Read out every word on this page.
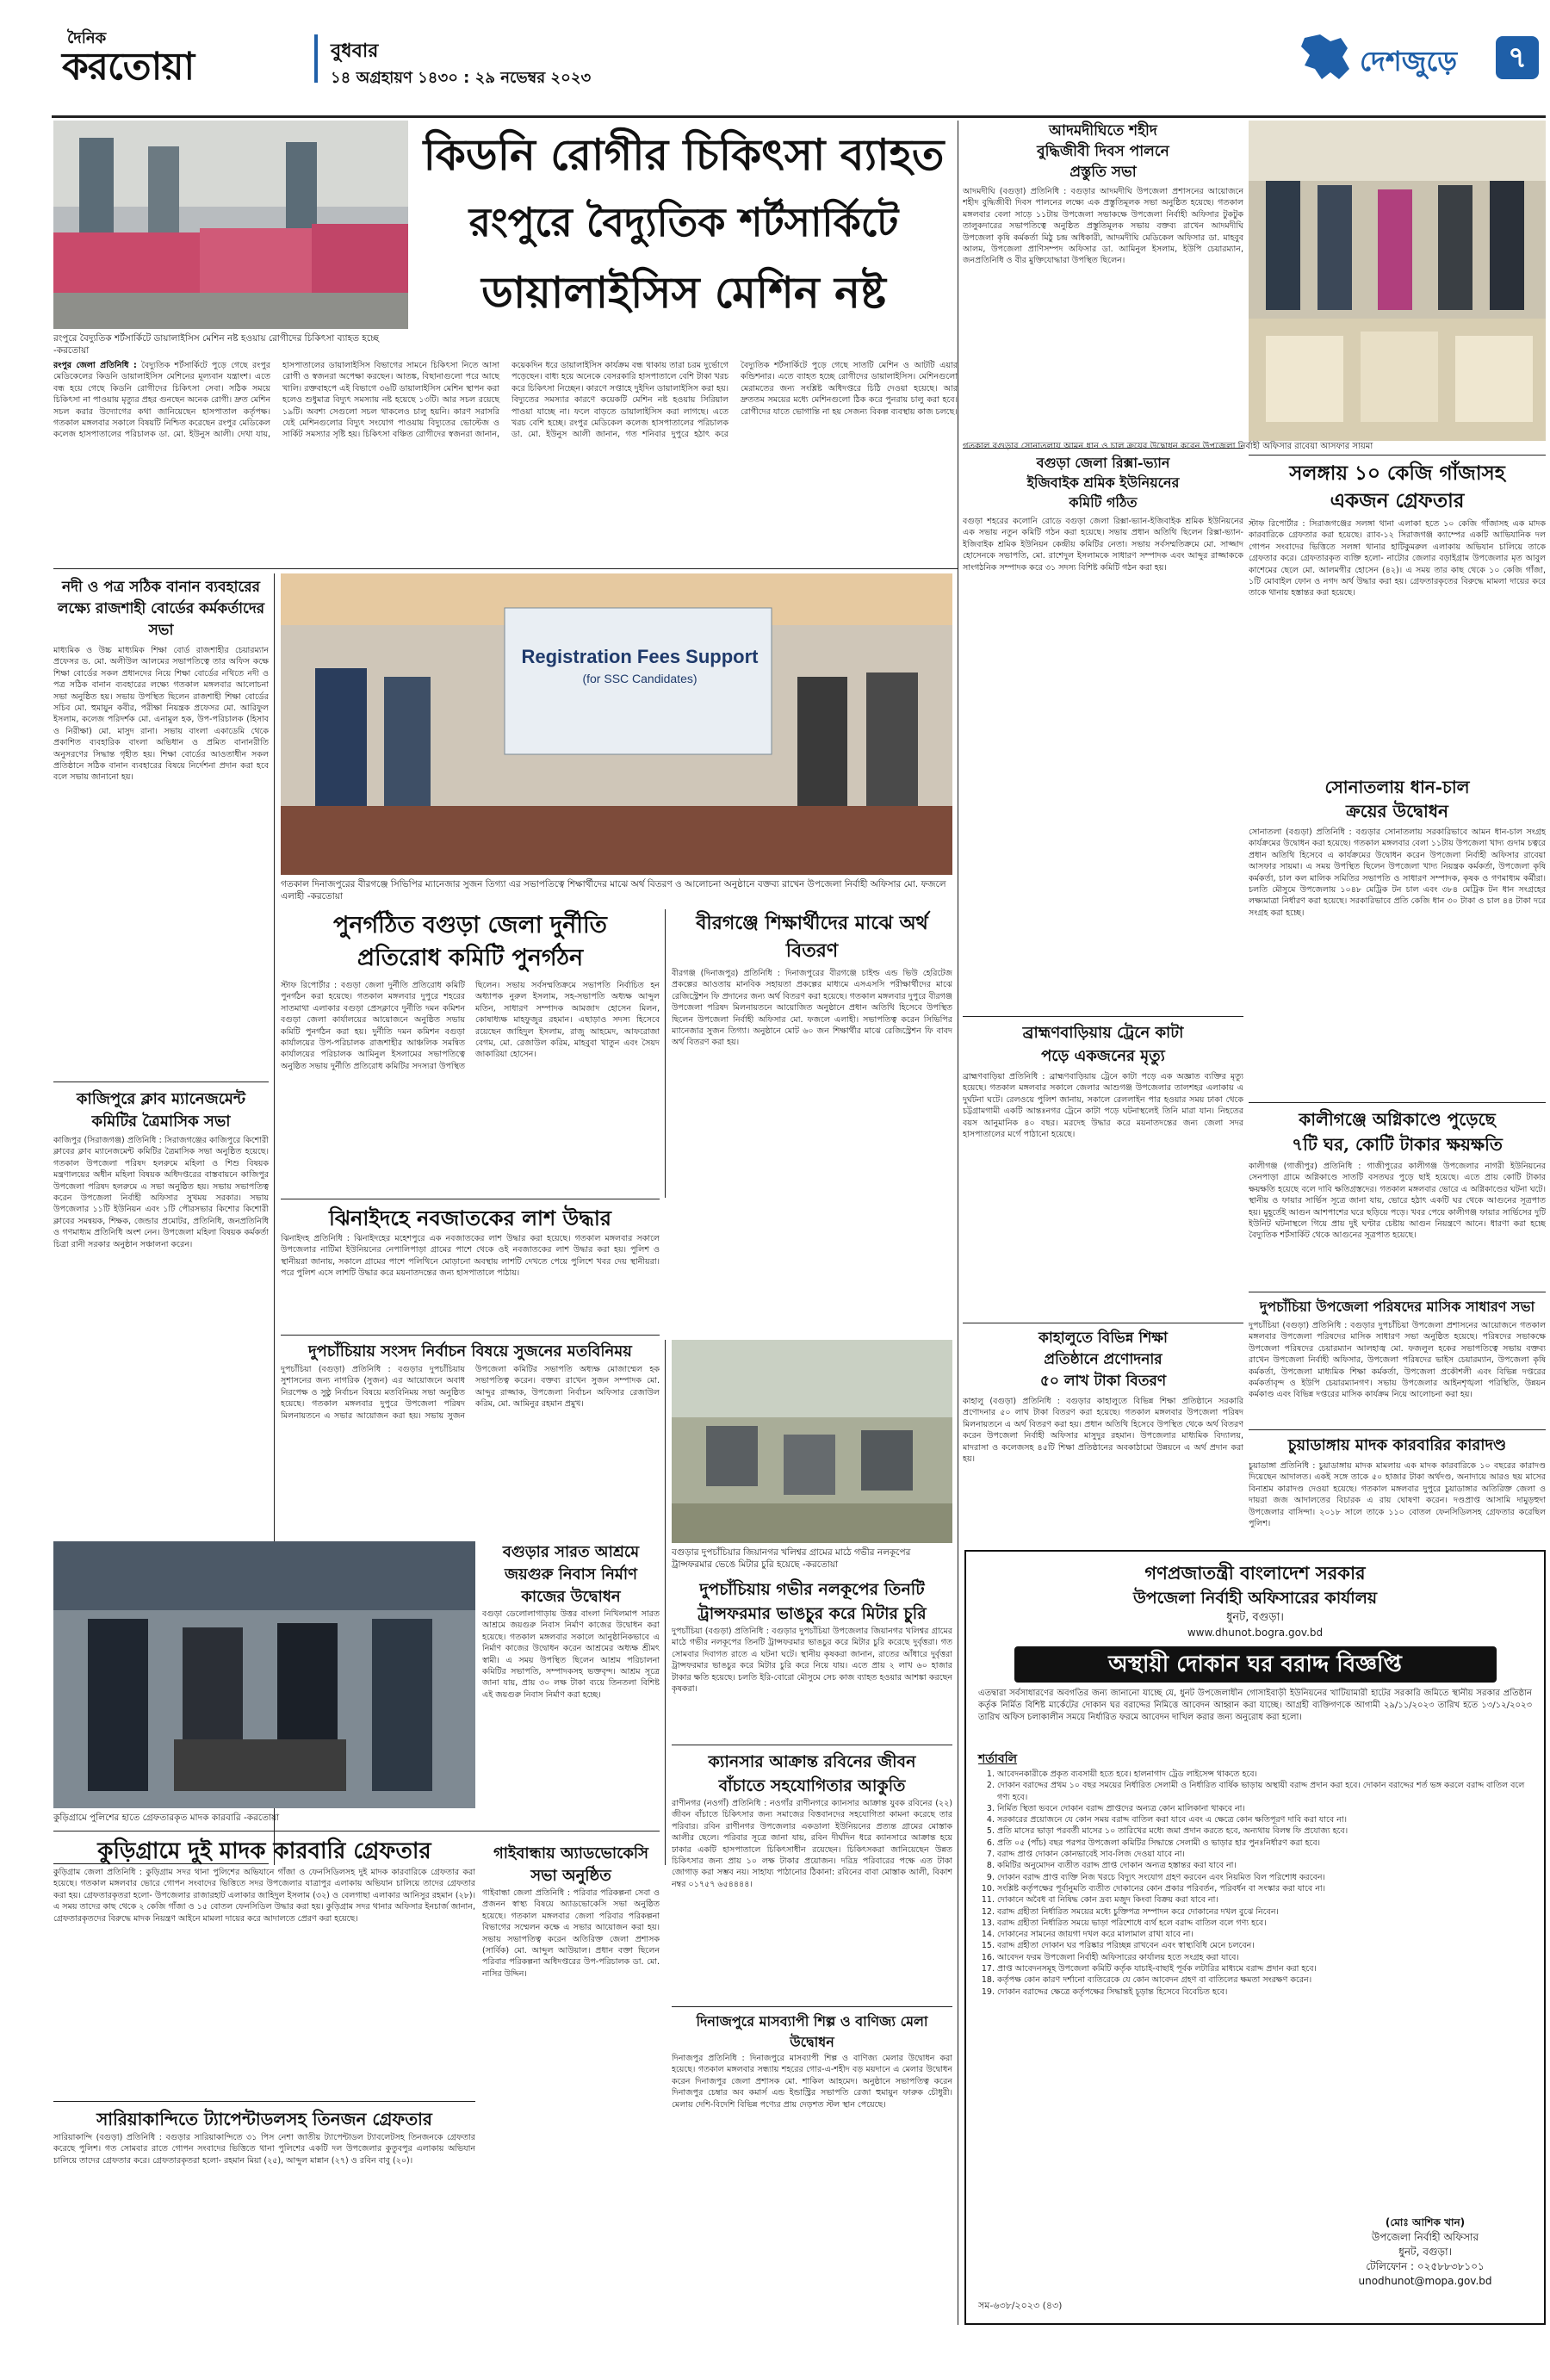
দৈনিক
করতোয়া	বুধবার
১৪ অগ্রহায়ণ ১৪৩০ : ২৯ নভেম্বর ২০২৩
দেশজুড়ে	৭
রংপুরে বৈদ্যুতিক শর্টসার্কিটে ডায়ালাইসিস মেশিন নষ্ট হওয়ায় রোগীদের চিকিৎসা ব্যাহত হচ্ছে -করতোয়া
কিডনি রোগীর চিকিৎসা ব্যাহত
রংপুরে বৈদ্যুতিক শর্টসার্কিটে
ডায়ালাইসিস মেশিন নষ্ট
রংপুর জেলা প্রতিনিধি : বৈদ্যুতিক শর্টসার্কিটে পুড়ে গেছে রংপুর মেডিকেলের কিডনি ডায়ালাইসিস মেশিনের মূল্যবান যন্ত্রাংশ। এতে বন্ধ হয়ে গেছে কিডনি রোগীদের চিকিৎসা সেবা। সঠিক সময়ে চিকিৎসা না পাওয়ায় মৃত্যুর প্রহর গুনছেন অনেক রোগী। দ্রুত মেশিন সচল করার উদ্যোগের কথা জানিয়েছেন হাসপাতাল কর্তৃপক্ষ। গতকাল মঙ্গলবার সকালে বিষয়টি নিশ্চিত করেছেন রংপুর মেডিকেল কলেজ হাসপাতালের পরিচালক ডা. মো. ইউনুস আলী। দেখা যায়, হাসপাতালের ডায়ালাইসিস বিভাগের সামনে চিকিৎসা নিতে আসা রোগী ও স্বজনরা অপেক্ষা করছেন। আতঙ্ক, বিছানাগুলো পরে আছে খালি। রক্তবাহপে এই বিভাগে ৩৬টি ডায়ালাইসিস মেশিন স্থাপন করা হলেও শুধুমাত্র বিদ্যুৎ সমস্যায় নষ্ট হয়েছে ১৩টি। আর সচল রয়েছে ১৯টি। অবশ্য সেগুলো সচল থাকলেও চালু হয়নি। কারণ সরাসরি যেই মেশিনগুলোর বিদ্যুৎ সংযোগ পাওয়ায় বিদ্যুতের ভোল্টেজ ও সার্কিট সমস্যার সৃষ্টি হয়। চিকিৎসা বঞ্চিত রোগীদের স্বজনরা জানান, কয়েকদিন ধরে ডায়ালাইসিস কার্যক্রম বন্ধ থাকায় তারা চরম দুর্ভোগে পড়েছেন। বাধ্য হয়ে অনেকে বেসরকারি হাসপাতালে বেশি টাকা খরচ করে চিকিৎসা নিচ্ছেন। কারণে সপ্তাহে দুইদিন ডায়ালাইসিস করা হয়। বিদ্যুতের সমস্যার কারণে কয়েকটি মেশিন নষ্ট হওয়ায় সিরিয়াল পাওয়া যাচ্ছে না। ফলে বাড়তে ডায়ালাইসিস করা লাগছে। এতে খরচ বেশি হচ্ছে। রংপুর মেডিকেল কলেজ হাসপাতালের পরিচালক ডা. মো. ইউনুস আলী জানান, গত শনিবার দুপুরে হঠাৎ করে বৈদ্যুতিক শর্টসার্কিটে পুড়ে গেছে সাতটি মেশিন ও আটটি এয়ার কন্ডিশনার। এতে ব্যাহত হচ্ছে রোগীদের ডায়ালাইসিস। মেশিনগুলো মেরামতের জন্য সংশ্লিষ্ট অধিদপ্তরে চিঠি দেওয়া হয়েছে। আর দ্রুততম সময়ের মধ্যে মেশিনগুলো ঠিক করে পুনরায় চালু করা হবে। রোগীদের যাতে ভোগান্তি না হয় সেজন্য বিকল্প ব্যবস্থায় কাজ চলছে।
নদী ও পত্র সঠিক বানান ব্যবহারের লক্ষ্যে রাজশাহী বোর্ডের কর্মকর্তাদের সভা
মাধ্যমিক ও উচ্চ মাধ্যমিক শিক্ষা বোর্ড রাজশাহীর চেয়ারম্যান প্রফেসর ড. মো. অলীউল আলমের সভাপতিত্বে তার অফিস কক্ষে শিক্ষা বোর্ডের সকল প্রধানদের নিয়ে শিক্ষা বোর্ডের নথিতে নদী ও পত্র সঠিক বানান ব্যবহারের লক্ষ্যে গতকাল মঙ্গলবার আলোচনা সভা অনুষ্ঠিত হয়। সভায় উপস্থিত ছিলেন রাজশাহী শিক্ষা বোর্ডের সচিব মো. হুমায়ুন কবীর, পরীক্ষা নিয়ন্ত্রক প্রফেসর মো. আরিফুল ইসলাম, কলেজ পরিদর্শক মো. এনামুল হক, উপ-পরিচালক (হিসাব ও নিরীক্ষা) মো. মাসুদ রানা। সভায় বাংলা একাডেমি থেকে প্রকাশিত ব্যবহারিক বাংলা অভিধান ও প্রমিত বানানরীতি অনুসরণের সিদ্ধান্ত গৃহীত হয়। শিক্ষা বোর্ডের আওতাধীন সকল প্রতিষ্ঠানে সঠিক বানান ব্যবহারের বিষয়ে নির্দেশনা প্রদান করা হবে বলে সভায় জানানো হয়।
কাজিপুরে ক্লাব ম্যানেজমেন্ট কমিটির ত্রৈমাসিক সভা
কাজিপুর (সিরাজগঞ্জ) প্রতিনিধি : সিরাজগঞ্জের কাজিপুরে কিশোরী ক্লাবের ক্লাব ম্যানেজমেন্ট কমিটির ত্রৈমাসিক সভা অনুষ্ঠিত হয়েছে। গতকাল উপজেলা পরিষদ হলরুমে মহিলা ও শিশু বিষয়ক মন্ত্রণালয়ের অধীন মহিলা বিষয়ক অধিদপ্তরের বাস্তবায়নে কাজিপুর উপজেলা পরিষদ হলরুমে এ সভা অনুষ্ঠিত হয়। সভায় সভাপতিত্ব করেন উপজেলা নির্বাহী অফিসার সুখময় সরকার। সভায় উপজেলার ১১টি ইউনিয়ন এবং ১টি পৌরসভার কিশোর কিশোরী ক্লাবের সমন্বয়ক, শিক্ষক, জেন্ডার প্রমোটর, প্রতিনিধি, জনপ্রতিনিধি ও গণমাধ্যম প্রতিনিধি অংশ নেন। উপজেলা মহিলা বিষয়ক কর্মকর্তা চিত্রা রানী সরকার অনুষ্ঠান সঞ্চালনা করেন।
Registration Fees Support
(for SSC Candidates)
গতকাল দিনাজপুরের বীরগঞ্জে সিভিপির ম্যানেজার সুজন তিগ্যা এর সভাপতিত্বে শিক্ষার্থীদের মাঝে অর্থ বিতরণ ও আলোচনা অনুষ্ঠানে বক্তব্য রাখেন উপজেলা নির্বাহী অফিসার মো. ফজলে এলাহী -করতোয়া
পুনর্গঠিত বগুড়া জেলা দুর্নীতি
প্রতিরোধ কমিটি পুনর্গঠন
স্টাফ রিপোর্টার : বগুড়া জেলা দুর্নীতি প্রতিরোধ কমিটি পুনর্গঠন করা হয়েছে। গতকাল মঙ্গলবার দুপুরে শহরের সাতমাথা এলাকার বগুড়া প্রেসক্লাবে দুর্নীতি দমন কমিশন বগুড়া জেলা কার্যালয়ের আয়োজনে অনুষ্ঠিত সভায় কমিটি পুনর্গঠন করা হয়। দুর্নীতি দমন কমিশন বগুড়া কার্যালয়ের উপ-পরিচালক রাজশাহীর আঞ্চলিক সমন্বিত কার্যালয়ের পরিচালক আমিনুল ইসলামের সভাপতিত্বে অনুষ্ঠিত সভায় দুর্নীতি প্রতিরোধ কমিটির সদস্যরা উপস্থিত ছিলেন। সভায় সর্বসম্মতিক্রমে সভাপতি নির্বাচিত হন অধ্যাপক নুরুল ইসলাম, সহ-সভাপতি অধ্যক্ষ আব্দুল মতিন, সাধারণ সম্পাদক আমজাদ হোসেন মিলন, কোষাধ্যক্ষ মাহফুজুর রহমান। এছাড়াও সদস্য হিসেবে রয়েছেন জাহিদুল ইসলাম, রাজু আহমেদ, আফরোজা বেগম, মো. রেজাউল করিম, মাহবুবা খাতুন এবং সৈয়দ জাকারিয়া হোসেন।
বীরগঞ্জে শিক্ষার্থীদের মাঝে অর্থ বিতরণ
বীরগঞ্জ (দিনাজপুর) প্রতিনিধি : দিনাজপুরের বীরগঞ্জে চাইল্ড এন্ড ভিউ হেরিটেজ প্রকল্পের আওতায় মানবিক সহায়তা প্রকল্পের মাধ্যমে এসএসসি পরীক্ষার্থীদের মাঝে রেজিস্ট্রেশন ফি প্রদানের জন্য অর্থ বিতরণ করা হয়েছে। গতকাল মঙ্গলবার দুপুরে বীরগঞ্জ উপজেলা পরিষদ মিলনায়তনে আয়োজিত অনুষ্ঠানে প্রধান অতিথি হিসেবে উপস্থিত ছিলেন উপজেলা নির্বাহী অফিসার মো. ফজলে এলাহী। সভাপতিত্ব করেন সিভিপির ম্যানেজার সুজন তিগ্যা। অনুষ্ঠানে মোট ৬০ জন শিক্ষার্থীর মাঝে রেজিস্ট্রেশন ফি বাবদ অর্থ বিতরণ করা হয়।
ঝিনাইদহে নবজাতকের লাশ উদ্ধার
ঝিনাইদহ প্রতিনিধি : ঝিনাইদহের মহেশপুরে এক নবজাতকের লাশ উদ্ধার করা হয়েছে। গতকাল মঙ্গলবার সকালে উপজেলার নাটিমা ইউনিয়নের নেপালিপাড়া গ্রামের পাশে থেকে ওই নবজাতকের লাশ উদ্ধার করা হয়। পুলিশ ও স্থানীয়রা জানায়, সকালে গ্রামের পাশে পলিথিনে মোড়ানো অবস্থায় লাশটি দেখতে পেয়ে পুলিশে খবর দেয় স্থানীয়রা। পরে পুলিশ এসে লাশটি উদ্ধার করে ময়নাতদন্তের জন্য হাসপাতালে পাঠায়।
দুপচাঁচিয়ায় সংসদ নির্বাচন বিষয়ে সুজনের মতবিনিময়
দুপচাঁচিয়া (বগুড়া) প্রতিনিধি : বগুড়ার দুপচাঁচিয়ায় সুশাসনের জন্য নাগরিক (সুজন) এর আয়োজনে অবাধ নিরপেক্ষ ও সুষ্ঠু নির্বাচন বিষয়ে মতবিনিময় সভা অনুষ্ঠিত হয়েছে। গতকাল মঙ্গলবার দুপুরে উপজেলা পরিষদ মিলনায়তনে এ সভার আয়োজন করা হয়। সভায় সুজন উপজেলা কমিটির সভাপতি অধ্যক্ষ মোজাম্মেল হক সভাপতিত্ব করেন। বক্তব্য রাখেন সুজন সম্পাদক মো. আব্দুর রাজ্জাক, উপজেলা নির্বাচন অফিসার রেজাউল করিম, মো. আমিনুর রহমান প্রমুখ।
কুড়িগ্রামে পুলিশের হাতে গ্রেফতারকৃত মাদক কারবারি -করতোয়া
বগুড়ার সারত আশ্রমে জয়গুরু নিবাস নির্মাণ কাজের উদ্বোধন
বগুড়া ডেলোলাগাড়ায় উত্তর বাংলা নিখিলমাপ সারত আশ্রমে জয়গুরু নিবাস নির্মাণ কাজের উদ্বোধন করা হয়েছে। গতকাল মঙ্গলবার সকালে আনুষ্ঠানিকভাবে এ নির্মাণ কাজের উদ্বোধন করেন আশ্রমের অধ্যক্ষ শ্রীমৎ স্বামী। এ সময় উপস্থিত ছিলেন আশ্রম পরিচালনা কমিটির সভাপতি, সম্পাদকসহ ভক্তবৃন্দ। আশ্রম সূত্রে জানা যায়, প্রায় ৩০ লক্ষ টাকা ব্যয়ে তিনতলা বিশিষ্ট এই জয়গুরু নিবাস নির্মাণ করা হচ্ছে।
কুড়িগ্রামে দুই মাদক কারবারি গ্রেফতার
কুড়িগ্রাম জেলা প্রতিনিধি : কুড়িগ্রাম সদর থানা পুলিশের অভিযানে গাঁজা ও ফেনসিডিলসহ দুই মাদক কারবারিকে গ্রেফতার করা হয়েছে। গতকাল মঙ্গলবার ভোরে গোপন সংবাদের ভিত্তিতে সদর উপজেলার যাত্রাপুর এলাকায় অভিযান চালিয়ে তাদের গ্রেফতার করা হয়। গ্রেফতারকৃতরা হলো- উপজেলার রাজারহাট এলাকার জাহিদুল ইসলাম (৩২) ও বেলগাছা এলাকার আনিসুর রহমান (২৮)। এ সময় তাদের কাছ থেকে ২ কেজি গাঁজা ও ১৫ বোতল ফেনসিডিল উদ্ধার করা হয়। কুড়িগ্রাম সদর থানার অফিসার ইনচার্জ জানান, গ্রেফতারকৃতদের বিরুদ্ধে মাদক নিয়ন্ত্রণ আইনে মামলা দায়ের করে আদালতে প্রেরণ করা হয়েছে।
সারিয়াকান্দিতে ট্যাপেন্টাডলসহ তিনজন গ্রেফতার
সারিয়াকান্দি (বগুড়া) প্রতিনিধি : বগুড়ার সারিয়াকান্দিতে ৩১ পিস নেশা জাতীয় ট্যাপেন্টাডল ট্যাবলেটসহ তিনজনকে গ্রেফতার করেছে পুলিশ। গত সোমবার রাতে গোপন সংবাদের ভিত্তিতে থানা পুলিশের একটি দল উপজেলার কুতুবপুর এলাকায় অভিযান চালিয়ে তাদের গ্রেফতার করে। গ্রেফতারকৃতরা হলো- রহমান মিয়া (২৫), আব্দুল মান্নান (২৭) ও রবিন বাবু (২০)।
গাইবান্ধায় অ্যাডভোকেসি সভা অনুষ্ঠিত
গাইবান্ধা জেলা প্রতিনিধি : পরিবার পরিকল্পনা সেবা ও প্রজনন স্বাস্থ্য বিষয়ে অ্যাডভোকেসি সভা অনুষ্ঠিত হয়েছে। গতকাল মঙ্গলবার জেলা পরিবার পরিকল্পনা বিভাগের সম্মেলন কক্ষে এ সভার আয়োজন করা হয়। সভায় সভাপতিত্ব করেন অতিরিক্ত জেলা প্রশাসক (সার্বিক) মো. আব্দুল আউয়াল। প্রধান বক্তা ছিলেন পরিবার পরিকল্পনা অধিদপ্তরের উপ-পরিচালক ডা. মো. নাসির উদ্দিন।
বগুড়ার দুপচাঁচিয়ার জিয়ানগর খলিশ্বর গ্রামের মাঠে গভীর নলকূপের ট্রান্সফরমার ভেঙে মিটার চুরি হয়েছে -করতোয়া
দুপচাঁচিয়ায় গভীর নলকূপের তিনটি
ট্রান্সফরমার ভাঙচুর করে মিটার চুরি
দুপচাঁচিয়া (বগুড়া) প্রতিনিধি : বগুড়ার দুপচাঁচিয়া উপজেলার জিয়ানগর খলিশ্বর গ্রামের মাঠে গভীর নলকূপের তিনটি ট্রান্সফরমার ভাঙচুর করে মিটার চুরি করেছে দুর্বৃত্তরা। গত সোমবার দিবাগত রাতে এ ঘটনা ঘটে। স্থানীয় কৃষকরা জানান, রাতের আঁধারে দুর্বৃত্তরা ট্রান্সফরমার ভাঙচুর করে মিটার চুরি করে নিয়ে যায়। এতে প্রায় ২ লাখ ৬০ হাজার টাকার ক্ষতি হয়েছে। চলতি ইরি-বোরো মৌসুমে সেচ কাজ ব্যাহত হওয়ার আশঙ্কা করছেন কৃষকরা।
ক্যানসার আক্রান্ত রবিনের জীবন
বাঁচাতে সহযোগিতার আকুতি
রাণীনগর (নওগাঁ) প্রতিনিধি : নওগাঁর রাণীনগরে ক্যানসার আক্রান্ত যুবক রবিনের (২২) জীবন বাঁচাতে চিকিৎসার জন্য সমাজের বিত্তবানদের সহযোগিতা কামনা করেছে তার পরিবার। রবিন রাণীনগর উপজেলার একডালা ইউনিয়নের প্রত্যন্ত গ্রামের মোস্তাক আলীর ছেলে। পরিবার সূত্রে জানা যায়, রবিন দীর্ঘদিন ধরে ক্যানসারে আক্রান্ত হয়ে ঢাকার একটি হাসপাতালে চিকিৎসাধীন রয়েছেন। চিকিৎসকরা জানিয়েছেন উন্নত চিকিৎসার জন্য প্রায় ১০ লক্ষ টাকার প্রয়োজন। দরিদ্র পরিবারের পক্ষে এত টাকা জোগাড় করা সম্ভব নয়। সাহায্য পাঠানোর ঠিকানা: রবিনের বাবা মোস্তাক আলী, বিকাশ নম্বর ০১৭৫৭ ৬৫৪৪৪৪।
দিনাজপুরে মাসব্যাপী শিল্প ও বাণিজ্য মেলা উদ্বোধন
দিনাজপুর প্রতিনিধি : দিনাজপুরে মাসব্যাপী শিল্প ও বাণিজ্য মেলার উদ্বোধন করা হয়েছে। গতকাল মঙ্গলবার সন্ধ্যায় শহরের গোর-এ-শহীদ বড় ময়দানে এ মেলার উদ্বোধন করেন দিনাজপুর জেলা প্রশাসক মো. শাকিল আহমেদ। অনুষ্ঠানে সভাপতিত্ব করেন দিনাজপুর চেম্বার অব কমার্স এন্ড ইন্ডাস্ট্রির সভাপতি রেজা হুমায়ুন ফারুক চৌধুরী। মেলায় দেশি-বিদেশি বিভিন্ন পণ্যের প্রায় দেড়শত স্টল স্থান পেয়েছে।
আদমদীঘিতে শহীদ
বুদ্ধিজীবী দিবস পালনে
প্রস্তুতি সভা
আদমদীঘি (বগুড়া) প্রতিনিধি : বগুড়ার আদমদীঘি উপজেলা প্রশাসনের আয়োজনে শহীদ বুদ্ধিজীবী দিবস পালনের লক্ষ্যে এক প্রস্তুতিমূলক সভা অনুষ্ঠিত হয়েছে। গতকাল মঙ্গলবার বেলা সাড়ে ১১টায় উপজেলা সভাকক্ষে উপজেলা নির্বাহী অফিসার টুকটুক তালুকদারের সভাপতিত্বে অনুষ্ঠিত প্রস্তুতিমূলক সভায় বক্তব্য রাখেন আদমদীঘি উপজেলা কৃষি কর্মকর্তা মিঠু চন্দ্র অধিকারী, আদমদীঘি মেডিকেল অফিসার ডা. মাহবুব আলম, উপজেলা প্রাণিসম্পদ অফিসার ডা. আমিনুল ইসলাম, ইউপি চেয়ারম্যান, জনপ্রতিনিধি ও বীর মুক্তিযোদ্ধারা উপস্থিত ছিলেন।
বগুড়া জেলা রিক্সা-ভ্যান
ইজিবাইক শ্রমিক ইউনিয়নের
কমিটি গঠিত
বগুড়া শহরের কলোনি রোডে বগুড়া জেলা রিক্সা-ভ্যান-ইজিবাইক শ্রমিক ইউনিয়নের এক সভায় নতুন কমিটি গঠন করা হয়েছে। সভায় প্রধান অতিথি ছিলেন রিক্সা-ভ্যান-ইজিবাইক শ্রমিক ইউনিয়ন কেন্দ্রীয় কমিটির নেতা। সভায় সর্বসম্মতিক্রমে মো. সাজ্জাদ হোসেনকে সভাপতি, মো. রাশেদুল ইসলামকে সাধারণ সম্পাদক এবং আব্দুর রাজ্জাককে সাংগঠনিক সম্পাদক করে ৩১ সদস্য বিশিষ্ট কমিটি গঠন করা হয়।
ব্রাহ্মণবাড়িয়ায় ট্রেনে কাটা
পড়ে একজনের মৃত্যু
ব্রাহ্মণবাড়িয়া প্রতিনিধি : ব্রাহ্মণবাড়িয়ায় ট্রেনে কাটা পড়ে এক অজ্ঞাত ব্যক্তির মৃত্যু হয়েছে। গতকাল মঙ্গলবার সকালে জেলার আশুগঞ্জ উপজেলার তালশহর এলাকায় এ দুর্ঘটনা ঘটে। রেলওয়ে পুলিশ জানায়, সকালে রেললাইন পার হওয়ার সময় ঢাকা থেকে চট্টগ্রামগামী একটি আন্তঃনগর ট্রেনে কাটা পড়ে ঘটনাস্থলেই তিনি মারা যান। নিহতের বয়স আনুমানিক ৪০ বছর। মরদেহ উদ্ধার করে ময়নাতদন্তের জন্য জেলা সদর হাসপাতালের মর্গে পাঠানো হয়েছে।
কাহালুতে বিভিন্ন শিক্ষা
প্রতিষ্ঠানে প্রণোদনার
৫০ লাখ টাকা বিতরণ
কাহালু (বগুড়া) প্রতিনিধি : বগুড়ার কাহালুতে বিভিন্ন শিক্ষা প্রতিষ্ঠানে সরকারি প্রণোদনার ৫০ লাখ টাকা বিতরণ করা হয়েছে। গতকাল মঙ্গলবার উপজেলা পরিষদ মিলনায়তনে এ অর্থ বিতরণ করা হয়। প্রধান অতিথি হিসেবে উপস্থিত থেকে অর্থ বিতরণ করেন উপজেলা নির্বাহী অফিসার মাসুদুর রহমান। উপজেলার মাধ্যমিক বিদ্যালয়, মাদরাসা ও কলেজসহ ৪৫টি শিক্ষা প্রতিষ্ঠানের অবকাঠামো উন্নয়নে এ অর্থ প্রদান করা হয়।
গতকাল বগুড়ার সোনাতলায় আমন ধান ও চাল ক্রয়ের উদ্বোধন করেন উপজেলা নির্বাহী অফিসার রাবেয়া আসফার সায়মা
সলঙ্গায় ১০ কেজি গাঁজাসহ
একজন গ্রেফতার
স্টাফ রিপোর্টার : সিরাজগঞ্জের সলঙ্গা থানা এলাকা হতে ১০ কেজি গাঁজাসহ এক মাদক কারবারিকে গ্রেফতার করা হয়েছে। র‍্যাব-১২ সিরাজগঞ্জ ক্যাম্পের একটি আভিযানিক দল গোপন সংবাদের ভিত্তিতে সলঙ্গা থানার হাটিকুমরুল এলাকায় অভিযান চালিয়ে তাকে গ্রেফতার করে। গ্রেফতারকৃত ব্যক্তি হলো- নাটোর জেলার বড়াইগ্রাম উপজেলার মৃত আবুল কাশেমের ছেলে মো. আলমগীর হোসেন (৪২)। এ সময় তার কাছ থেকে ১০ কেজি গাঁজা, ১টি মোবাইল ফোন ও নগদ অর্থ উদ্ধার করা হয়। গ্রেফতারকৃতের বিরুদ্ধে মামলা দায়ের করে তাকে থানায় হস্তান্তর করা হয়েছে।
সোনাতলায় ধান-চাল
ক্রয়ের উদ্বোধন
সোনাতলা (বগুড়া) প্রতিনিধি : বগুড়ার সোনাতলায় সরকারিভাবে আমন ধান-চাল সংগ্রহ কার্যক্রমের উদ্বোধন করা হয়েছে। গতকাল মঙ্গলবার বেলা ১১টায় উপজেলা খাদ্য গুদাম চত্বরে প্রধান অতিথি হিসেবে এ কার্যক্রমের উদ্বোধন করেন উপজেলা নির্বাহী অফিসার রাবেয়া আসফার সায়মা। এ সময় উপস্থিত ছিলেন উপজেলা খাদ্য নিয়ন্ত্রক কর্মকর্তা, উপজেলা কৃষি কর্মকর্তা, চাল কল মালিক সমিতির সভাপতি ও সাধারণ সম্পাদক, কৃষক ও গণমাধ্যম কর্মীরা। চলতি মৌসুমে উপজেলায় ১০৪৮ মেট্রিক টন চাল এবং ৩৮৪ মেট্রিক টন ধান সংগ্রহের লক্ষ্যমাত্রা নির্ধারণ করা হয়েছে। সরকারিভাবে প্রতি কেজি ধান ৩০ টাকা ও চাল ৪৪ টাকা দরে সংগ্রহ করা হচ্ছে।
কালীগঞ্জে অগ্নিকাণ্ডে পুড়েছে
৭টি ঘর, কোটি টাকার ক্ষয়ক্ষতি
কালীগঞ্জ (গাজীপুর) প্রতিনিধি : গাজীপুরের কালীগঞ্জ উপজেলার নাগরী ইউনিয়নের সেনপাড়া গ্রামে অগ্নিকাণ্ডে সাতটি বসতঘর পুড়ে ছাই হয়েছে। এতে প্রায় কোটি টাকার ক্ষয়ক্ষতি হয়েছে বলে দাবি ক্ষতিগ্রস্তদের। গতকাল মঙ্গলবার ভোরে এ অগ্নিকাণ্ডের ঘটনা ঘটে। স্থানীয় ও ফায়ার সার্ভিস সূত্রে জানা যায়, ভোরে হঠাৎ একটি ঘর থেকে আগুনের সূত্রপাত হয়। মুহূর্তেই আগুন আশপাশের ঘরে ছড়িয়ে পড়ে। খবর পেয়ে কালীগঞ্জ ফায়ার সার্ভিসের দুটি ইউনিট ঘটনাস্থলে গিয়ে প্রায় দুই ঘণ্টার চেষ্টায় আগুন নিয়ন্ত্রণে আনে। ধারণা করা হচ্ছে বৈদ্যুতিক শর্টসার্কিট থেকে আগুনের সূত্রপাত হয়েছে।
দুপচাঁচিয়া উপজেলা পরিষদের মাসিক সাধারণ সভা
দুপচাঁচিয়া (বগুড়া) প্রতিনিধি : বগুড়ার দুপচাঁচিয়া উপজেলা প্রশাসনের আয়োজনে গতকাল মঙ্গলবার উপজেলা পরিষদের মাসিক সাধারণ সভা অনুষ্ঠিত হয়েছে। পরিষদের সভাকক্ষে উপজেলা পরিষদের চেয়ারম্যান আলহাজ্ব মো. ফজলুল হকের সভাপতিত্বে সভায় বক্তব্য রাখেন উপজেলা নির্বাহী অফিসার, উপজেলা পরিষদের ভাইস চেয়ারম্যান, উপজেলা কৃষি কর্মকর্তা, উপজেলা মাধ্যমিক শিক্ষা কর্মকর্তা, উপজেলা প্রকৌশলী এবং বিভিন্ন দপ্তরের কর্মকর্তাবৃন্দ ও ইউপি চেয়ারম্যানগণ। সভায় উপজেলার আইনশৃঙ্খলা পরিস্থিতি, উন্নয়ন কর্মকাণ্ড এবং বিভিন্ন দপ্তরের মাসিক কার্যক্রম নিয়ে আলোচনা করা হয়।
চুয়াডাঙ্গায় মাদক কারবারির কারাদণ্ড
চুয়াডাঙ্গা প্রতিনিধি : চুয়াডাঙ্গায় মাদক মামলায় এক মাদক কারবারিকে ১০ বছরের কারাদণ্ড দিয়েছেন আদালত। একই সঙ্গে তাকে ৫০ হাজার টাকা অর্থদণ্ড, অনাদায়ে আরও ছয় মাসের বিনাশ্রম কারাদণ্ড দেওয়া হয়েছে। গতকাল মঙ্গলবার দুপুরে চুয়াডাঙ্গার অতিরিক্ত জেলা ও দায়রা জজ আদালতের বিচারক এ রায় ঘোষণা করেন। দণ্ডপ্রাপ্ত আসামি দামুড়হুদা উপজেলার বাসিন্দা। ২০১৮ সালে তাকে ১১০ বোতল ফেনসিডিলসহ গ্রেফতার করেছিল পুলিশ।
গণপ্রজাতন্ত্রী বাংলাদেশ সরকার
উপজেলা নির্বাহী অফিসারের কার্যালয়
ধুনট, বগুড়া।
www.dhunot.bogra.gov.bd
অস্থায়ী দোকান ঘর বরাদ্দ বিজ্ঞপ্তি
এতদ্বারা সর্বসাধারণের অবগতির জন্য জানানো যাচ্ছে যে, ধুনট উপজেলাধীন গোসাইবাড়ী ইউনিয়নের খাটিয়ামারী হাটের সরকারি জমিতে স্থানীয় সরকার প্রতিষ্ঠান কর্তৃক নির্মিত বিশিষ্ট মার্কেটের দোকান ঘর বরাদ্দের নিমিত্তে আবেদন আহ্বান করা যাচ্ছে। আগ্রহী ব্যক্তিগণকে আগামী ২৯/১১/২০২৩ তারিখ হতে ১৩/১২/২০২৩ তারিখ অফিস চলাকালীন সময়ে নির্ধারিত ফরমে আবেদন দাখিল করার জন্য অনুরোধ করা হলো।
শর্তাবলি
1. আবেদনকারীকে প্রকৃত ব্যবসায়ী হতে হবে। হালনাগাদ ট্রেড লাইসেন্স থাকতে হবে।
2. দোকান বরাদ্দের প্রথম ১০ বছর সময়ের নির্ধারিত সেলামী ও নির্ধারিত বার্ষিক ভাড়ায় অস্থায়ী বরাদ্দ প্রদান করা হবে। দোকান বরাদ্দের শর্ত ভঙ্গ করলে বরাদ্দ বাতিল বলে গণ্য হবে।
3. নির্মিত স্থিতা ভবনে দোকান বরাদ্দ প্রাপ্তদের অন্যত্র কোন মালিকানা থাকবে না।
4. সরকারের প্রয়োজনে যে কোন সময় বরাদ্দ বাতিল করা যাবে এবং এ ক্ষেত্রে কোন ক্ষতিপূরণ দাবি করা যাবে না।
5. প্রতি মাসের ভাড়া পরবর্তী মাসের ১০ তারিখের মধ্যে জমা প্রদান করতে হবে, অন্যথায় বিলম্ব ফি প্রযোজ্য হবে।
6. প্রতি ০৫ (পাঁচ) বছর পরপর উপজেলা কমিটির সিদ্ধান্তে সেলামী ও ভাড়ার হার পুনঃনির্ধারণ করা হবে।
7. বরাদ্দ প্রাপ্ত দোকান কোনভাবেই সাব-লিজ দেওয়া যাবে না।
8. কমিটির অনুমোদন ব্যতীত বরাদ্দ প্রাপ্ত দোকান অন্যত্র হস্তান্তর করা যাবে না।
9. দোকান বরাদ্দ প্রাপ্ত ব্যক্তি নিজ খরচে বিদ্যুৎ সংযোগ গ্রহণ করবেন এবং নিয়মিত বিল পরিশোধ করবেন।
10. সংশ্লিষ্ট কর্তৃপক্ষের পূর্বানুমতি ব্যতীত দোকানের কোন প্রকার পরিবর্তন, পরিবর্ধন বা সংস্কার করা যাবে না।
11. দোকানে অবৈধ বা নিষিদ্ধ কোন দ্রব্য মজুদ কিংবা বিক্রয় করা যাবে না।
12. বরাদ্দ গ্রহীতা নির্ধারিত সময়ের মধ্যে চুক্তিপত্র সম্পাদন করে দোকানের দখল বুঝে নিবেন।
13. বরাদ্দ গ্রহীতা নির্ধারিত সময়ে ভাড়া পরিশোধে ব্যর্থ হলে বরাদ্দ বাতিল বলে গণ্য হবে।
14. দোকানের সামনের জায়গা দখল করে মালামাল রাখা যাবে না।
15. বরাদ্দ গ্রহীতা দোকান ঘর পরিষ্কার পরিচ্ছন্ন রাখবেন এবং স্বাস্থ্যবিধি মেনে চলবেন।
16. আবেদন ফরম উপজেলা নির্বাহী অফিসারের কার্যালয় হতে সংগ্রহ করা যাবে।
17. প্রাপ্ত আবেদনসমূহ উপজেলা কমিটি কর্তৃক যাচাই-বাছাই পূর্বক লটারির মাধ্যমে বরাদ্দ প্রদান করা হবে।
18. কর্তৃপক্ষ কোন কারণ দর্শানো ব্যতিরেকে যে কোন আবেদন গ্রহণ বা বাতিলের ক্ষমতা সংরক্ষণ করেন।
19. দোকান বরাদ্দের ক্ষেত্রে কর্তৃপক্ষের সিদ্ধান্তই চূড়ান্ত হিসেবে বিবেচিত হবে।
(মোঃ আশিক খান)
উপজেলা নির্বাহী অফিসার
ধুনট, বগুড়া।
টেলিফোন : ০২৫৮৮৩৮১০১
unodhunot@mopa.gov.bd
সম-৬৩৮/২০২৩ (৪৩)
